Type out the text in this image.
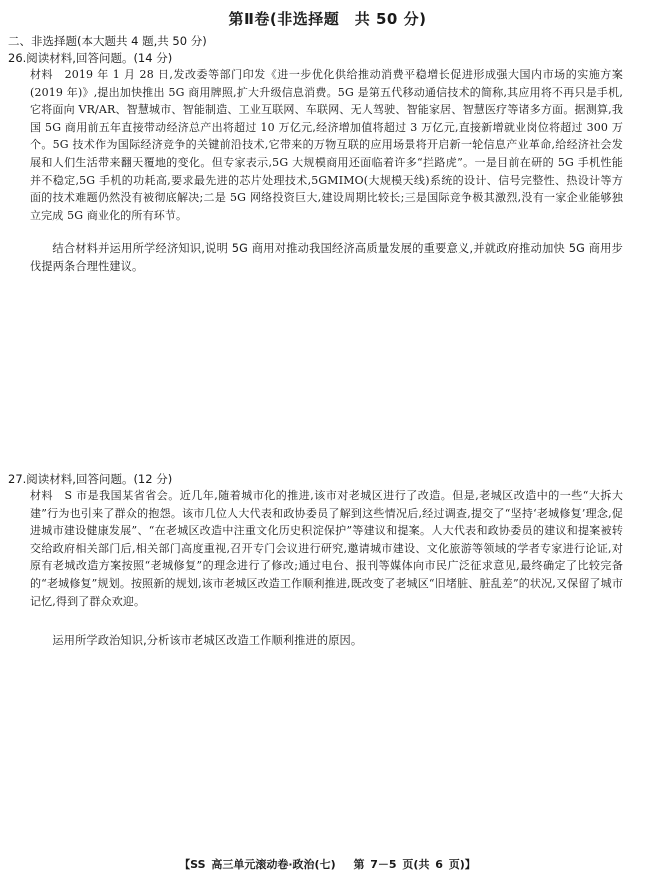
第Ⅱ卷(非选择题　共 50 分)
二、非选择题(本大题共 4 题,共 50 分)
26.阅读材料,回答问题。(14 分)
材料　2019 年 1 月 28 日,发改委等部门印发《进一步优化供给推动消费平稳增长促进形成强大国内市场的实施方案(2019 年)》,提出加快推出 5G 商用牌照,扩大升级信息消费。5G 是第五代移动通信技术的简称,其应用将不再只是手机,它将面向 VR/AR、智慧城市、智能制造、工业互联网、车联网、无人驾驶、智能家居、智慧医疗等诸多方面。据测算,我国 5G 商用前五年直接带动经济总产出将超过 10 万亿元,经济增加值将超过 3 万亿元,直接新增就业岗位将超过 300 万个。5G 技术作为国际经济竞争的关键前沿技术,它带来的万物互联的应用场景将开启新一轮信息产业革命,给经济社会发展和人们生活带来翻天覆地的变化。但专家表示,5G 大规模商用还面临着许多“拦路虎”。一是目前在研的 5G 手机性能并不稳定,5G 手机的功耗高,要求最先进的芯片处理技术,5GMIMO(大规模天线)系统的设计、信号完整性、热设计等方面的技术难题仍然没有被彻底解决;二是 5G 网络投资巨大,建设周期比较长;三是国际竞争极其激烈,没有一家企业能够独立完成 5G 商业化的所有环节。
结合材料并运用所学经济知识,说明 5G 商用对推动我国经济高质量发展的重要意义,并就政府推动加快 5G 商用步伐提两条合理性建议。
27.阅读材料,回答问题。(12 分)
材料　S 市是我国某省省会。近几年,随着城市化的推进,该市对老城区进行了改造。但是,老城区改造中的一些“大拆大建”行为也引来了群众的抱怨。该市几位人大代表和政协委员了解到这些情况后,经过调查,提交了“坚持‘老城修复’理念,促进城市建设健康发展”、“在老城区改造中注重文化历史积淀保护”等建议和提案。人大代表和政协委员的建议和提案被转交给政府相关部门后,相关部门高度重视,召开专门会议进行研究,邀请城市建设、文化旅游等领域的学者专家进行论证,对原有老城改造方案按照“老城修复”的理念进行了修改;通过电台、报刊等媒体向市民广泛征求意见,最终确定了比较完备的“老城修复”规划。按照新的规划,该市老城区改造工作顺利推进,既改变了老城区“旧堵脏、脏乱差”的状况,又保留了城市记忆,得到了群众欢迎。
运用所学政治知识,分析该市老城区改造工作顺利推进的原因。
【SS 高三单元滚动卷·政治(七) 第 7－5 页(共 6 页)】
